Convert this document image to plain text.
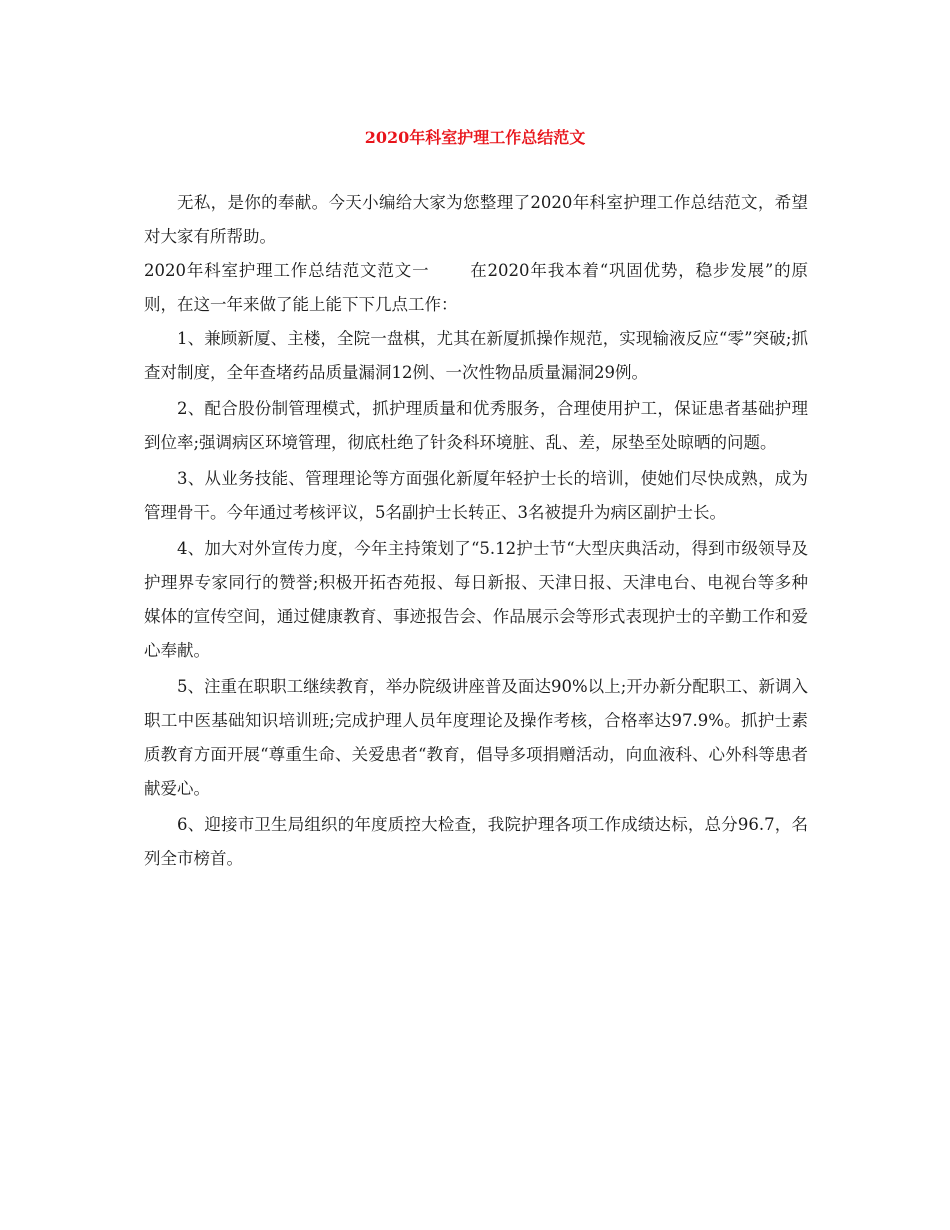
2020年科室护理工作总结范文

无私，是你的奉献。今天小编给大家为您整理了2020年科室护理工作总结范文，希望对大家有所帮助。

2020年科室护理工作总结范文范文一 在2020年我本着“巩固优势，稳步发展”的原则，在这一年来做了能上能下下几点工作：

1、兼顾新厦、主楼，全院一盘棋，尤其在新厦抓操作规范，实现输液反应“零”突破;抓查对制度，全年查堵药品质量漏洞12例、一次性物品质量漏洞29例。

2、配合股份制管理模式，抓护理质量和优秀服务，合理使用护工，保证患者基础护理到位率;强调病区环境管理，彻底杜绝了针灸科环境脏、乱、差，尿垫至处晾晒的问题。

3、从业务技能、管理理论等方面强化新厦年轻护士长的培训，使她们尽快成熟，成为管理骨干。今年通过考核评议，5名副护士长转正、3名被提升为病区副护士长。

4、加大对外宣传力度，今年主持策划了“5.12护士节“大型庆典活动，得到市级领导及护理界专家同行的赞誉;积极开拓杏苑报、每日新报、天津日报、天津电台、电视台等多种媒体的宣传空间，通过健康教育、事迹报告会、作品展示会等形式表现护士的辛勤工作和爱心奉献。

5、注重在职职工继续教育，举办院级讲座普及面达90%以上;开办新分配职工、新调入职工中医基础知识培训班;完成护理人员年度理论及操作考核，合格率达97.9%。抓护士素质教育方面开展“尊重生命、关爱患者“教育，倡导多项捐赠活动，向血液科、心外科等患者献爱心。

6、迎接市卫生局组织的年度质控大检查，我院护理各项工作成绩达标，总分96.7，名列全市榜首。
